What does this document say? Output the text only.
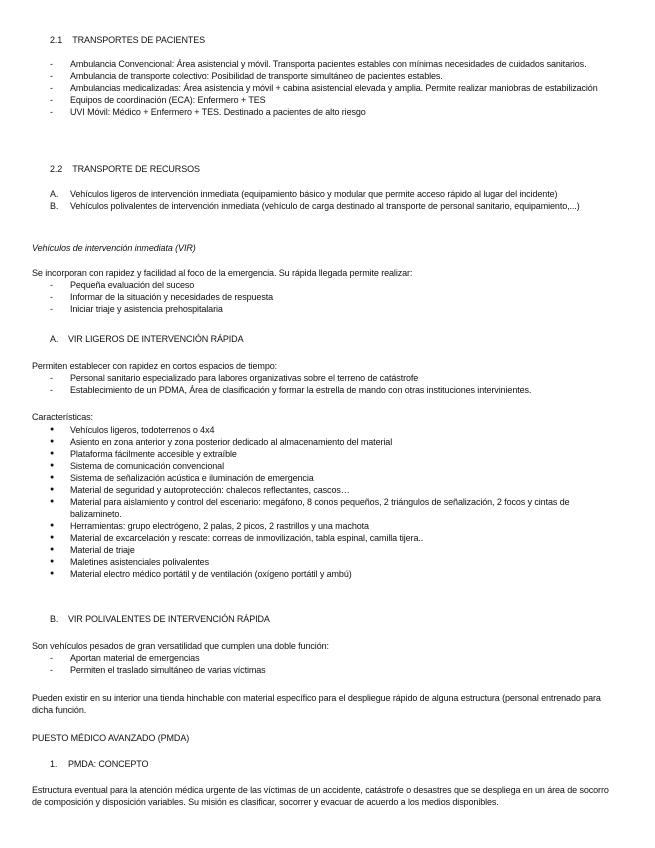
2.1 TRANSPORTES DE PACIENTES
-	Ambulancia Convencional: Área asistencial y móvil. Transporta pacientes estables con mínimas necesidades de cuidados sanitarios.
-	Ambulancia de transporte colectivo: Posibilidad de transporte simultáneo de pacientes estables.
-	Ambulancias medicalizadas: Área asistencia y móvil + cabina asistencial elevada y amplia. Permite realizar maniobras de estabilización
-	Equipos de coordinación (ECA): Enfermero + TES
-	UVI Móvil: Médico + Enfermero + TES. Destinado a pacientes de alto riesgo
2.2 TRANSPORTE DE RECURSOS
A.	Vehículos ligeros de intervención inmediata (equipamiento básico y modular que permite acceso rápido al lugar del incidente)
B.	Vehículos polivalentes de intervención inmediata (vehículo de carga destinado al transporte de personal sanitario, equipamiento,...)
Vehículos de intervención inmediata (VIR)
Se incorporan con rapidez y facilidad al foco de la emergencia. Su rápida llegada permite realizar:
-	Pequeña evaluación del suceso
-	Informar de la situación y necesidades de respuesta
-	Iniciar triaje y asistencia prehospitalaria
A. VIR LIGEROS DE INTERVENCIÓN RÁPIDA
Permiten establecer con rapidez en cortos espacios de tiempo:
-	Personal sanitario especializado para labores organizativas sobre el terreno de catástrofe
-	Establecimiento de un PDMA, Área de clasificación y formar la estrella de mando con otras instituciones intervinientes.
Características:
●	Vehículos ligeros, todoterrenos o 4x4
●	Asiento en zona anterior y zona posterior dedicado al almacenamiento del material
●	Plataforma fácilmente accesible y extraíble
●	Sistema de comunicación convencional
●	Sistema de señalización acústica e iluminación de emergencia
●	Material de seguridad y autoprotección: chalecos reflectantes, cascos…
●	Material para aislamiento y control del escenario: megáfono, 8 conos pequeños, 2 triángulos de señalización, 2 focos y cintas de balizamineto.
●	Herramientas: grupo electrógeno, 2 palas, 2 picos, 2 rastrillos y una machota
●	Material de excarcelación y rescate: correas de inmovilización, tabla espinal, camilla tijera..
●	Material de triaje
●	Maletines asistenciales polivalentes
●	Material electro médico portátil y de ventilación (oxígeno portátil y ambú)
B. VIR POLIVALENTES DE INTERVENCIÓN RÁPIDA
Son vehículos pesados de gran versatilidad que cumplen una doble función:
-	Aportan material de emergencias
-	Permiten el traslado simultáneo de varias víctimas

Pueden existir en su interior una tienda hinchable con material específico para el despliegue rápido de alguna estructura (personal entrenado para dicha función.

PUESTO MÉDICO AVANZADO (PMDA)
1. PMDA: CONCEPTO

Estructura eventual para la atención médica urgente de las víctimas de un accidente, catástrofe o desastres que se despliega en un área de socorro de composición y disposición variables. Su misión es clasificar, socorrer y evacuar de acuerdo a los medios disponibles.
